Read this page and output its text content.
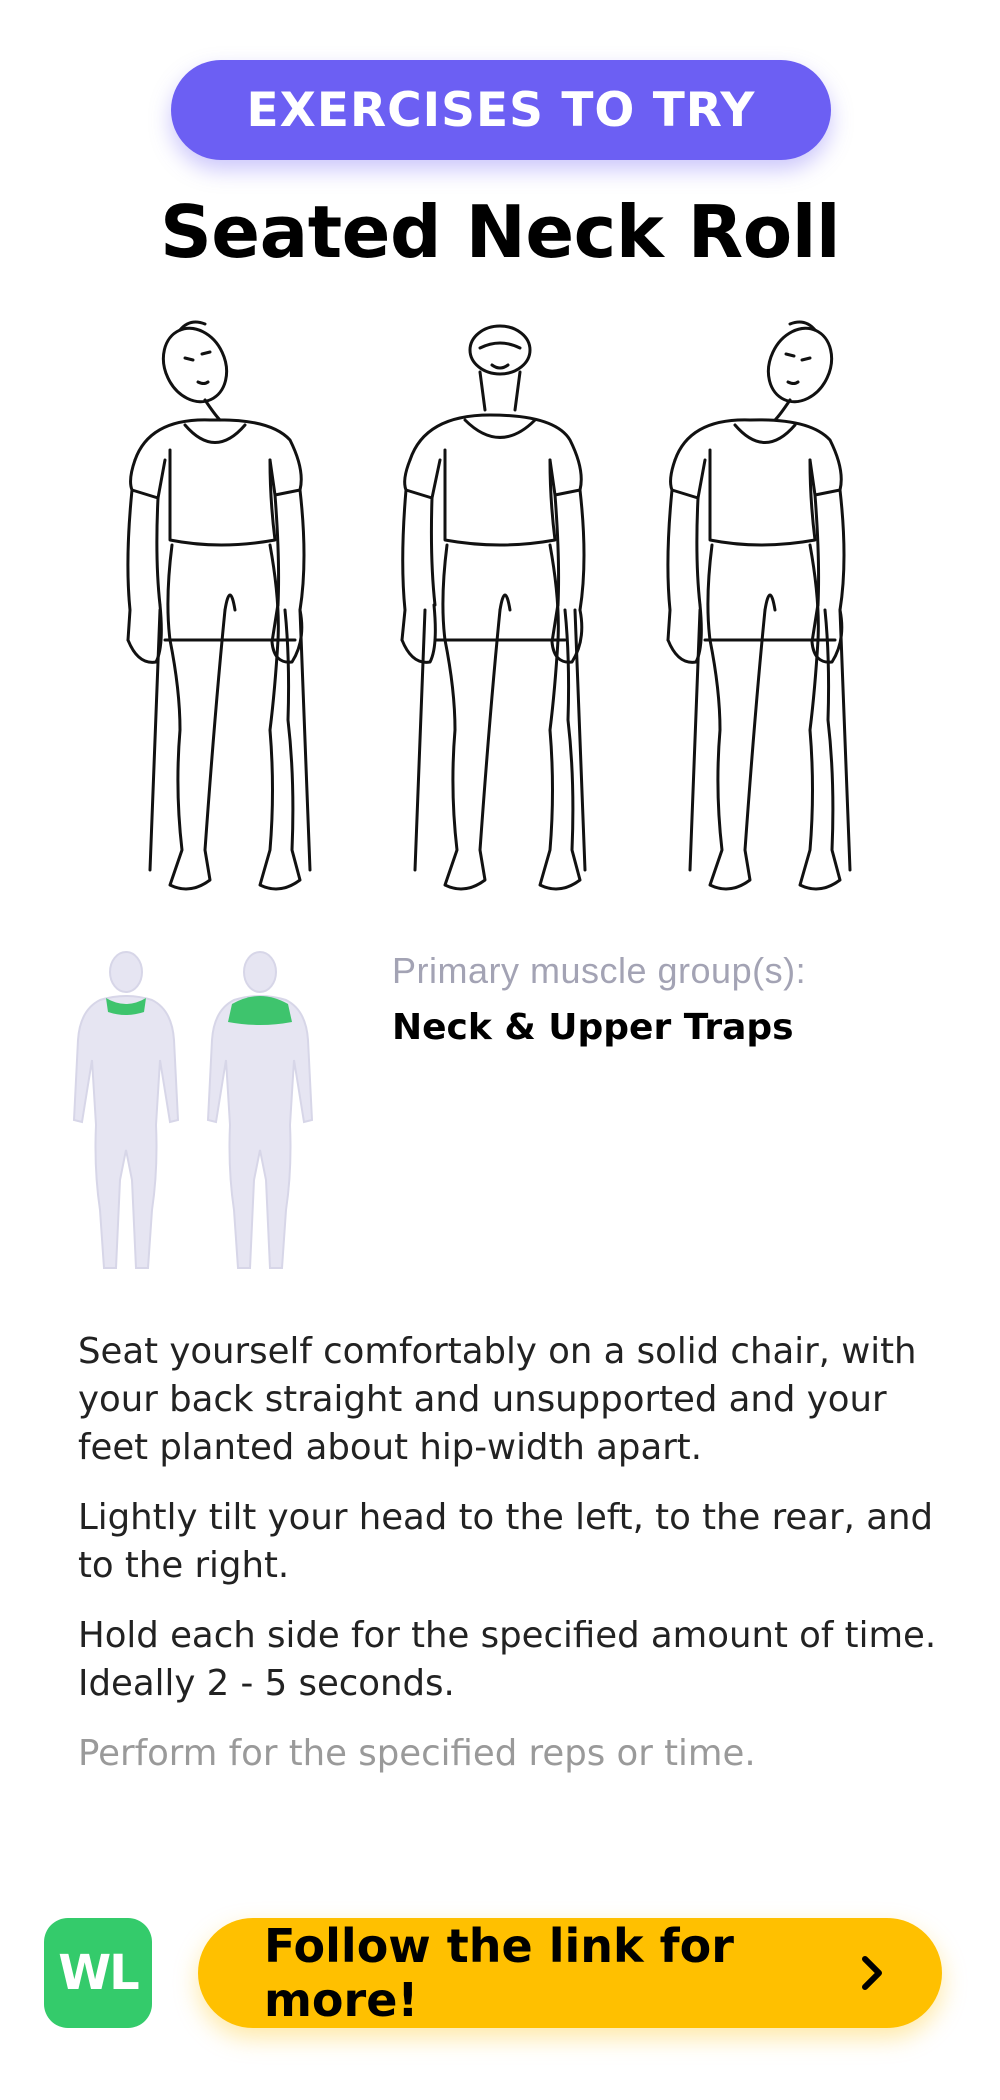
EXERCISES TO TRY
Seated Neck Roll
Primary muscle group(s):
Neck & Upper Traps

Seat yourself comfortably on a solid chair, with your back straight and unsupported and your feet planted about hip-width apart.

Lightly tilt your head to the left, to the rear, and to the right.

Hold each side for the specified amount of time. Ideally 2 - 5 seconds.

Perform for the specified reps or time.

WL	Follow the link for more!
